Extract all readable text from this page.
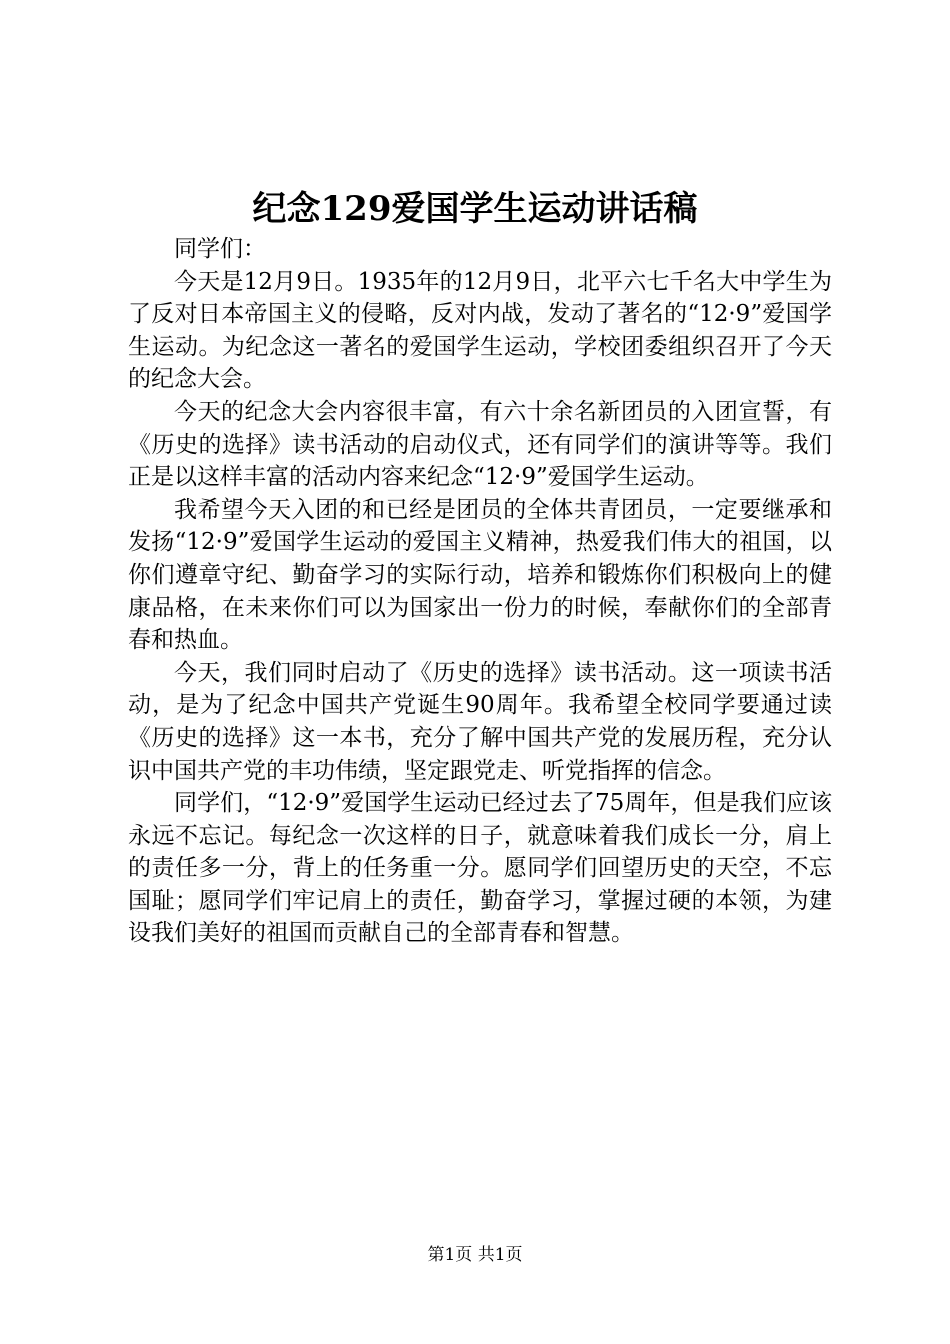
纪念129爱国学生运动讲话稿

同学们：

今天是12月9日。1935年的12月9日，北平六七千名大中学生为了反对日本帝国主义的侵略，反对内战，发动了著名的“12·9”爱国学生运动。为纪念这一著名的爱国学生运动，学校团委组织召开了今天的纪念大会。

今天的纪念大会内容很丰富，有六十余名新团员的入团宣誓，有《历史的选择》读书活动的启动仪式，还有同学们的演讲等等。我们正是以这样丰富的活动内容来纪念“12·9”爱国学生运动。

我希望今天入团的和已经是团员的全体共青团员，一定要继承和发扬“12·9”爱国学生运动的爱国主义精神，热爱我们伟大的祖国，以你们遵章守纪、勤奋学习的实际行动，培养和锻炼你们积极向上的健康品格，在未来你们可以为国家出一份力的时候，奉献你们的全部青春和热血。

今天，我们同时启动了《历史的选择》读书活动。这一项读书活动，是为了纪念中国共产党诞生90周年。我希望全校同学要通过读《历史的选择》这一本书，充分了解中国共产党的发展历程，充分认识中国共产党的丰功伟绩，坚定跟党走、听党指挥的信念。

同学们，“12·9”爱国学生运动已经过去了75周年，但是我们应该永远不忘记。每纪念一次这样的日子，就意味着我们成长一分，肩上的责任多一分，背上的任务重一分。愿同学们回望历史的天空，不忘国耻；愿同学们牢记肩上的责任，勤奋学习，掌握过硬的本领，为建设我们美好的祖国而贡献自己的全部青春和智慧。

第1页 共1页
